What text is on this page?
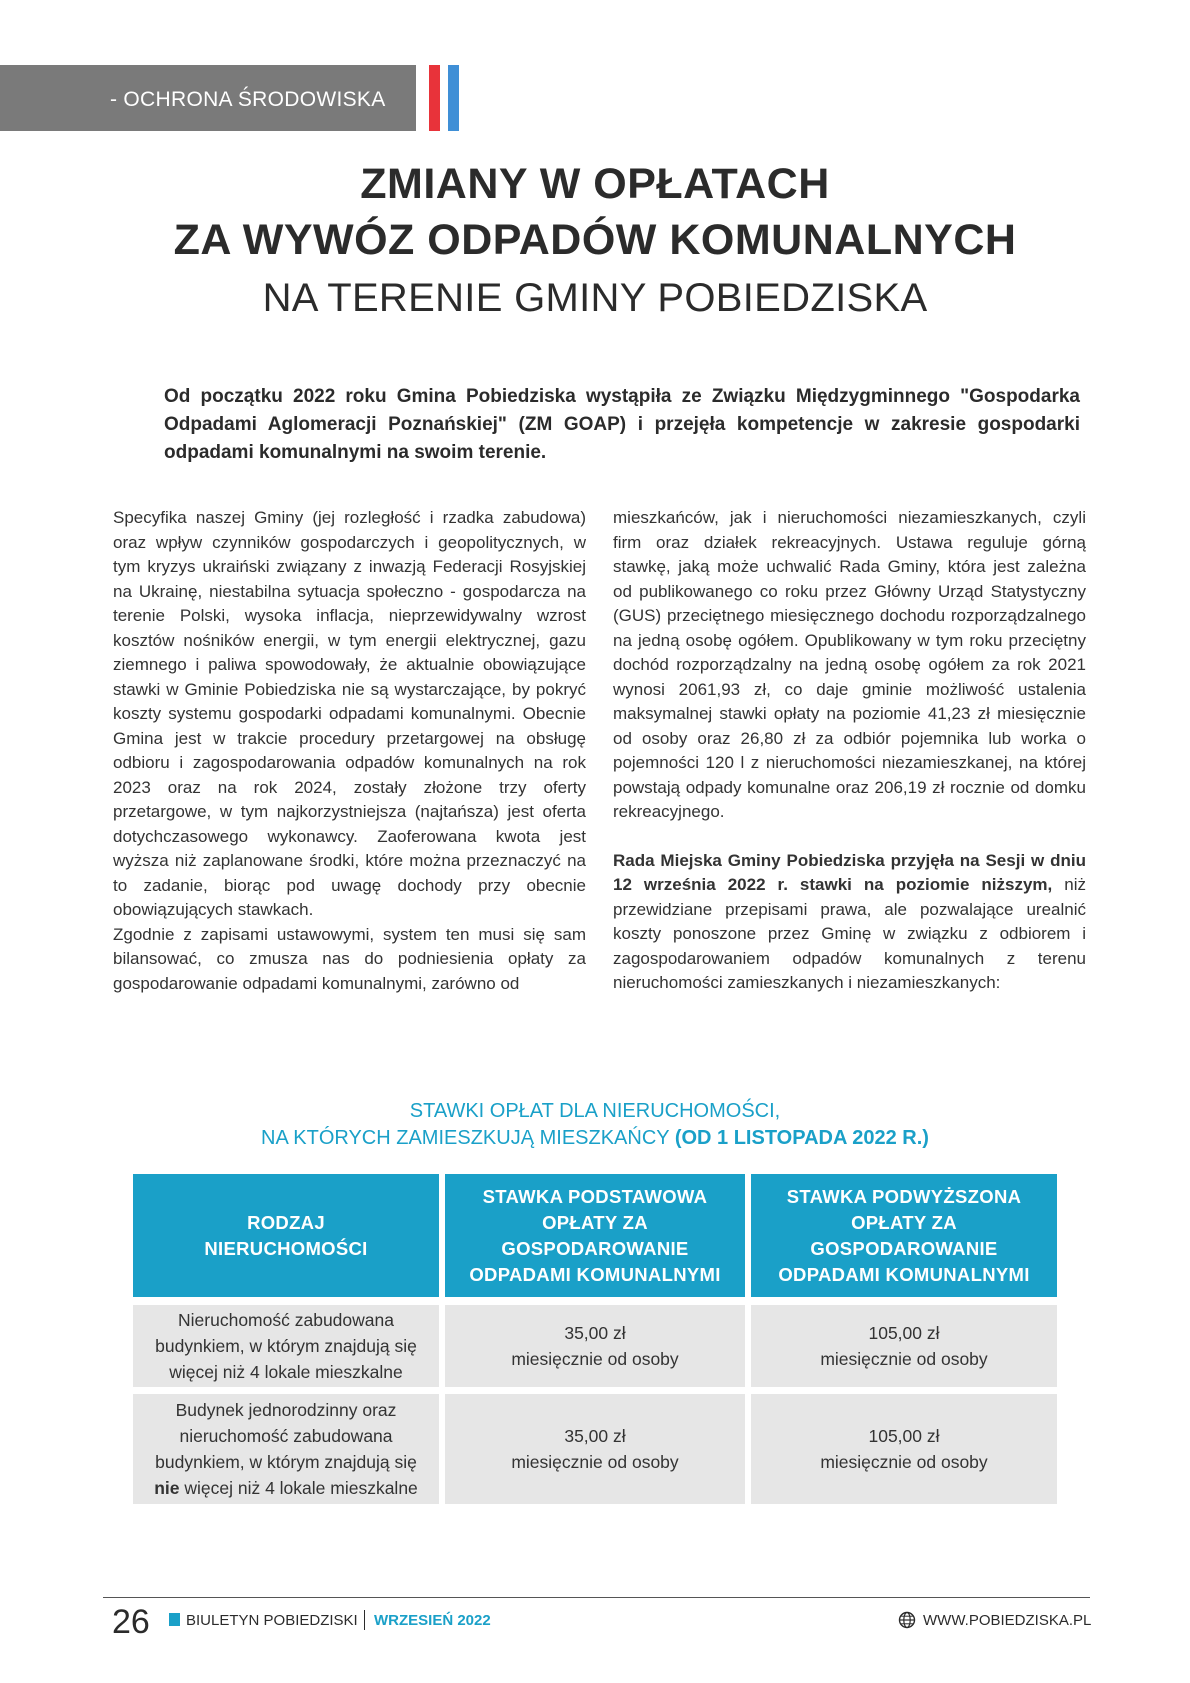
- OCHRONA ŚRODOWISKA
ZMIANY W OPŁATACH
ZA WYWÓZ ODPADÓW KOMUNALNYCH
NA TERENIE GMINY POBIEDZISKA
Od początku 2022 roku Gmina Pobiedziska wystąpiła ze Związku Międzygminnego "Gospodarka Odpadami Aglomeracji Poznańskiej" (ZM GOAP) i przejęła kompetencje w zakresie gospodarki odpadami komunalnymi na swoim terenie.

Specyfika naszej Gminy (jej rozległość i rzadka zabudowa) oraz wpływ czynników gospodarczych i geopolitycznych, w tym kryzys ukraiński związany z inwazją Federacji Rosyjskiej na Ukrainę, niestabilna sytuacja społeczno - gospodarcza na terenie Polski, wysoka inflacja, nieprzewidywalny wzrost kosztów nośników energii, w tym energii elektrycznej, gazu ziemnego i paliwa spowodowały, że aktualnie obowiązujące stawki w Gminie Pobiedziska nie są wystarczające, by pokryć koszty systemu gospodarki odpadami komunalnymi. Obecnie Gmina jest w trakcie procedury przetargowej na obsługę odbioru i zagospodarowania odpadów komunalnych na rok 2023 oraz na rok 2024, zostały złożone trzy oferty przetargowe, w tym najkorzystniejsza (najtańsza) jest oferta dotychczasowego wykonawcy. Zaoferowana kwota jest wyższa niż zaplanowane środki, które można przeznaczyć na to zadanie, biorąc pod uwagę dochody przy obecnie obowiązujących stawkach.

Zgodnie z zapisami ustawowymi, system ten musi się sam bilansować, co zmusza nas do podniesienia opłaty za gospodarowanie odpadami komunalnymi, zarówno od

mieszkańców, jak i nieruchomości niezamieszkanych, czyli firm oraz działek rekreacyjnych. Ustawa reguluje górną stawkę, jaką może uchwalić Rada Gminy, która jest zależna od publikowanego co roku przez Główny Urząd Statystyczny (GUS) przeciętnego miesięcznego dochodu rozporządzalnego na jedną osobę ogółem. Opublikowany w tym roku przeciętny dochód rozporządzalny na jedną osobę ogółem za rok 2021 wynosi 2061,93 zł, co daje gminie możliwość ustalenia maksymalnej stawki opłaty na poziomie 41,23 zł miesięcznie od osoby oraz 26,80 zł za odbiór pojemnika lub worka o pojemności 120 l z nieruchomości niezamieszkanej, na której powstają odpady komunalne oraz 206,19 zł rocznie od domku rekreacyjnego.

Rada Miejska Gminy Pobiedziska przyjęła na Sesji w dniu 12 września 2022 r. stawki na poziomie niższym, niż przewidziane przepisami prawa, ale pozwalające urealnić koszty ponoszone przez Gminę w związku z odbiorem i zagospodarowaniem odpadów komunalnych z terenu nieruchomości zamieszkanych i niezamieszkanych:

STAWKI OPŁAT DLA NIERUCHOMOŚCI,
NA KTÓRYCH ZAMIESZKUJĄ MIESZKAŃCY (OD 1 LISTOPADA 2022 R.)
RODZAJ NIERUCHOMOŚCI
STAWKA PODSTAWOWA OPŁATY ZA GOSPODAROWANIE ODPADAMI KOMUNALNYMI
STAWKA PODWYŻSZONA OPŁATY ZA GOSPODAROWANIE ODPADAMI KOMUNALNYMI
Nieruchomość zabudowana budynkiem, w którym znajdują się więcej niż 4 lokale mieszkalne
35,00 zł
miesięcznie od osoby
105,00 zł
miesięcznie od osoby
Budynek jednorodzinny oraz nieruchomość zabudowana budynkiem, w którym znajdują się nie więcej niż 4 lokale mieszkalne
35,00 zł
miesięcznie od osoby
105,00 zł
miesięcznie od osoby
26 BIULETYN POBIEDZISKI WRZESIEŃ 2022	WWW.POBIEDZISKA.PL
